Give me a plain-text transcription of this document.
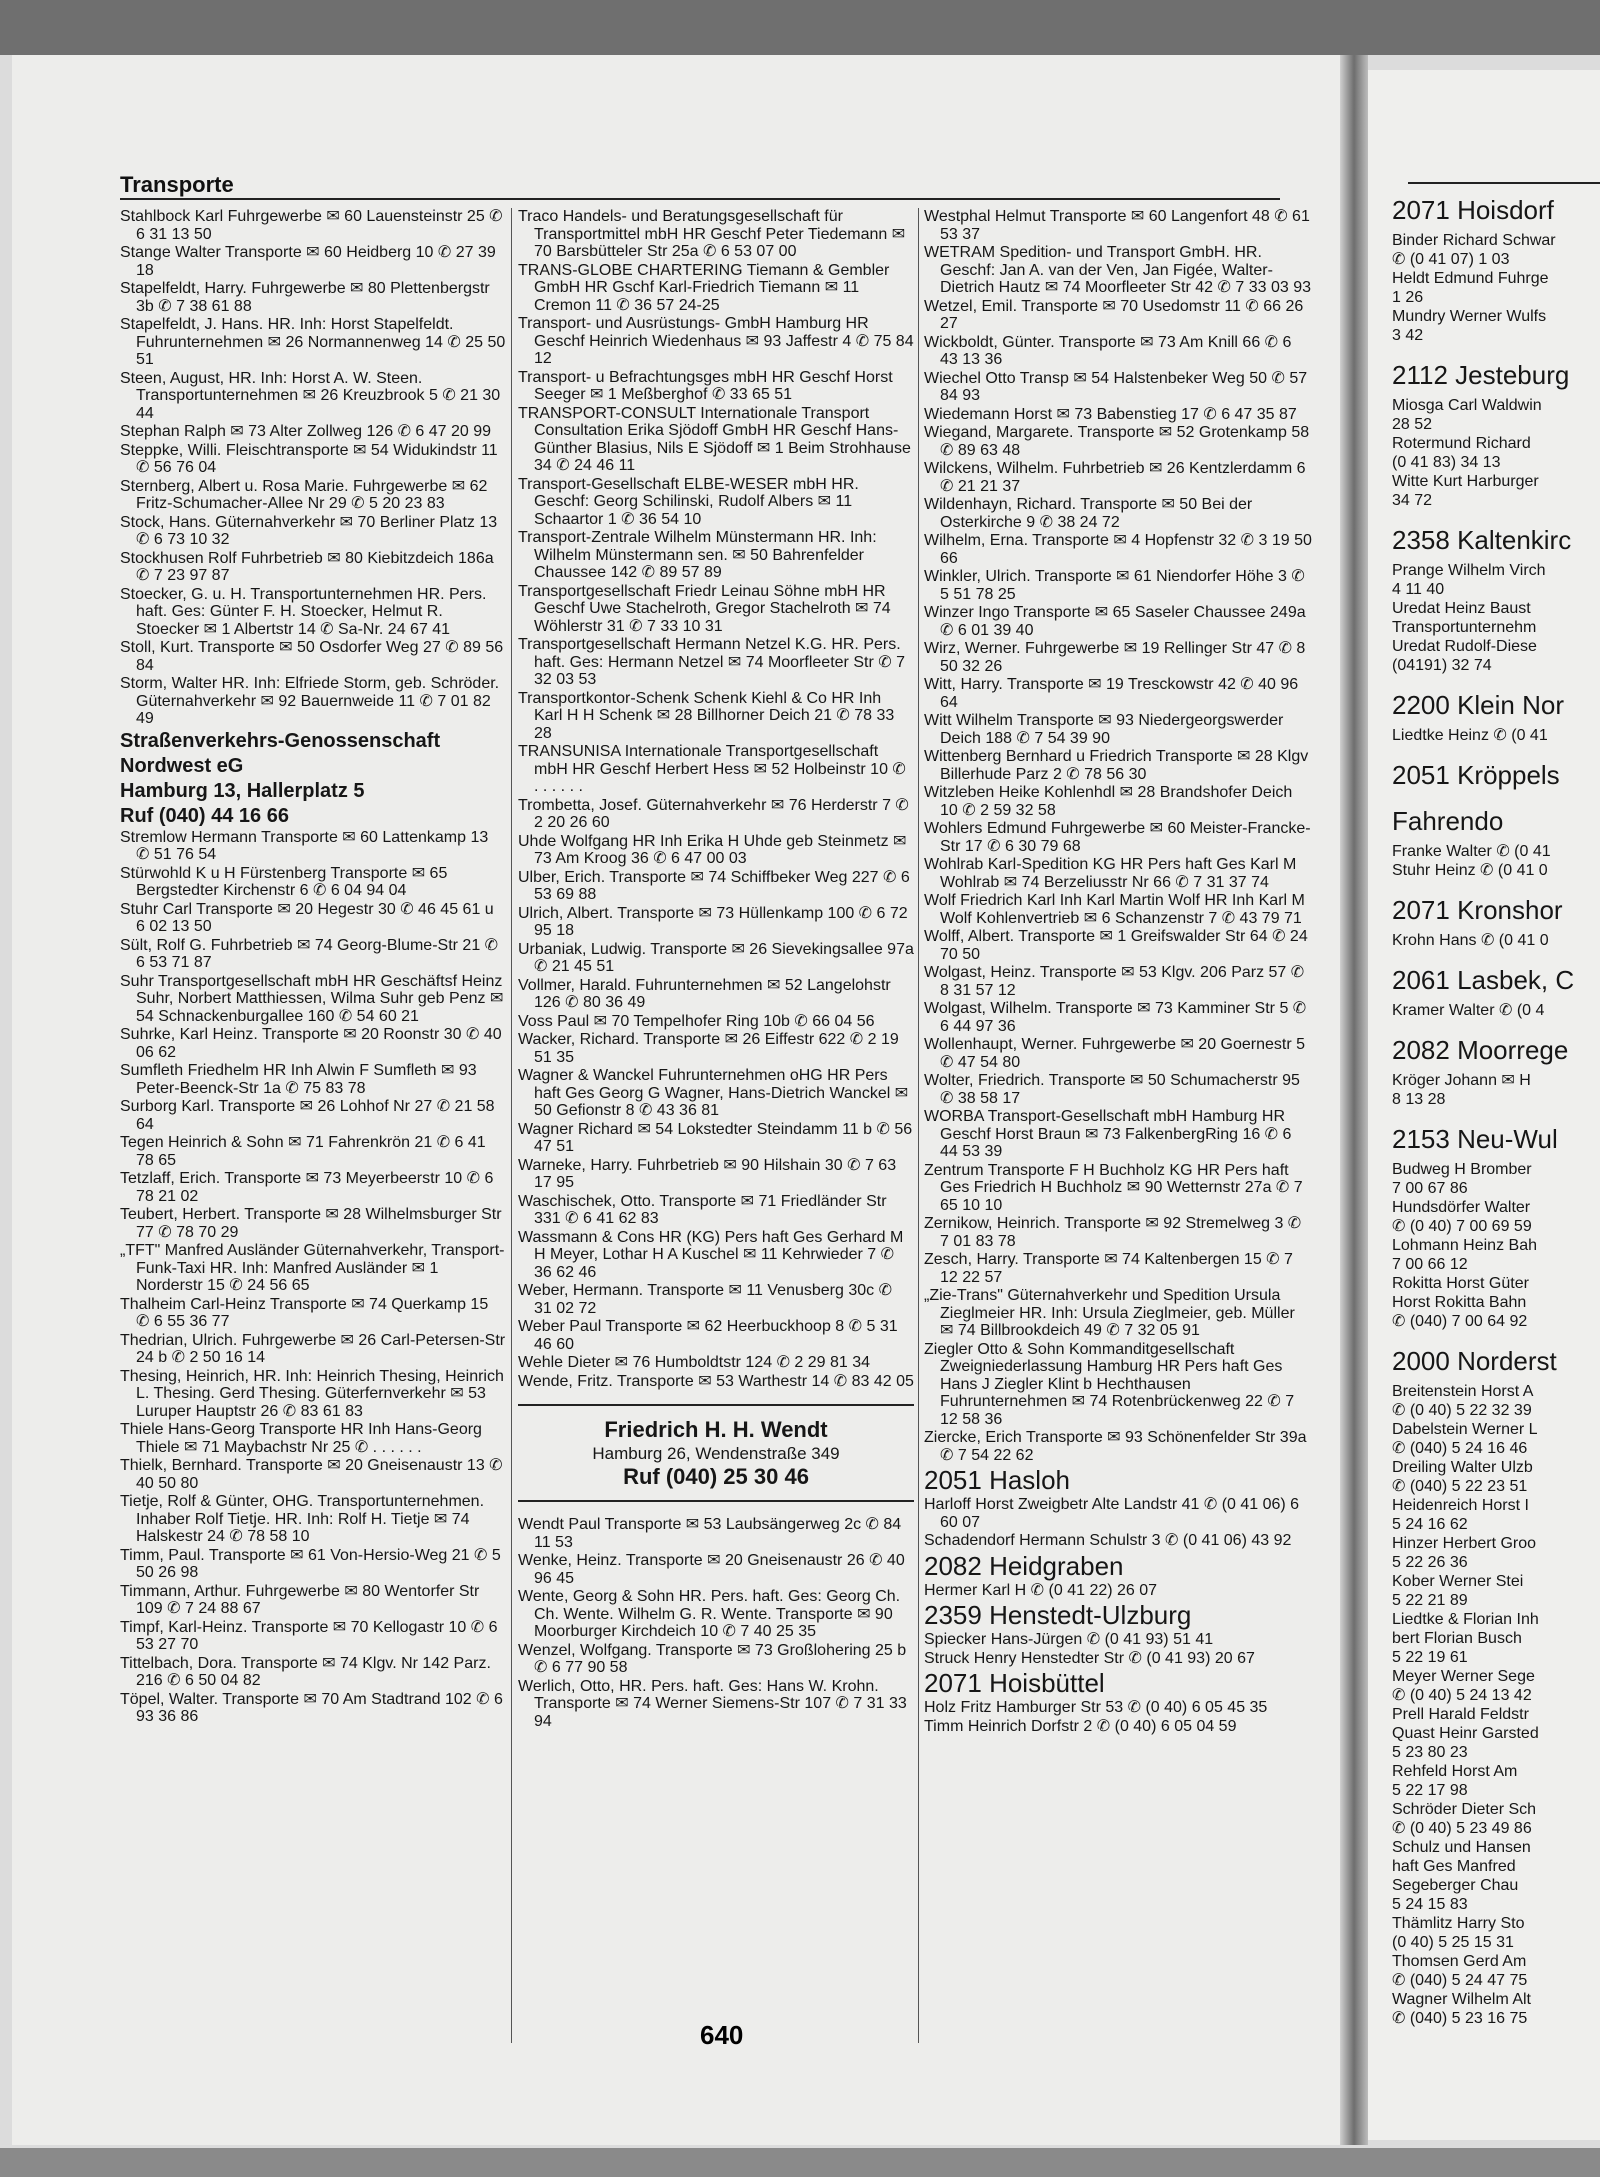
2071 Hoisdorf

Binder Richard Schwar

✆ (0 41 07) 1 03

Heldt Edmund Fuhrge

1 26

Mundry Werner Wulfs

3 42

2112 Jesteburg

Miosga Carl Waldwin

28 52

Rotermund Richard

(0 41 83) 34 13

Witte Kurt Harburger

34 72

2358 Kaltenkirc

Prange Wilhelm Virch

4 11 40

Uredat Heinz Baust

Transportunternehm

Uredat Rudolf-Diese

(04191) 32 74

2200 Klein Nor

Liedtke Heinz ✆ (0 41

2051 Kröppels

Fahrendo

Franke Walter ✆ (0 41

Stuhr Heinz ✆ (0 41 0

2071 Kronshor

Krohn Hans ✆ (0 41 0

2061 Lasbek, C

Kramer Walter ✆ (0 4

2082 Moorrege

Kröger Johann ✉ H

8 13 28

2153 Neu-Wul

Budweg H Bromber

7 00 67 86

Hundsdörfer Walter

✆ (0 40) 7 00 69 59

Lohmann Heinz Bah

7 00 66 12

Rokitta Horst Güter

Horst Rokitta Bahn

✆ (040) 7 00 64 92

2000 Norderst

Breitenstein Horst A

✆ (0 40) 5 22 32 39

Dabelstein Werner L

✆ (040) 5 24 16 46

Dreiling Walter Ulzb

✆ (040) 5 22 23 51

Heidenreich Horst I

5 24 16 62

Hinzer Herbert Groo

5 22 26 36

Kober Werner Stei

5 22 21 89

Liedtke & Florian Inh

bert Florian Busch

5 22 19 61

Meyer Werner Sege

✆ (0 40) 5 24 13 42

Prell Harald Feldstr

Quast Heinr Garsted

5 23 80 23

Rehfeld Horst Am

5 22 17 98

Schröder Dieter Sch

✆ (0 40) 5 23 49 86

Schulz und Hansen

haft Ges Manfred

Segeberger Chau

5 24 15 83

Thämlitz Harry Sto

(0 40) 5 25 15 31

Thomsen Gerd Am

✆ (040) 5 24 47 75

Wagner Wilhelm Alt

✆ (040) 5 23 16 75

Transporte

Stahlbock Karl Fuhrgewerbe ✉ 60 Lauensteinstr 25 ✆ 6 31 13 50

Stange Walter Transporte ✉ 60 Heidberg 10 ✆ 27 39 18

Stapelfeldt, Harry. Fuhrgewerbe ✉ 80 Plettenbergstr 3b ✆ 7 38 61 88

Stapelfeldt, J. Hans. HR. Inh: Horst Stapelfeldt. Fuhrunternehmen ✉ 26 Normannenweg 14 ✆ 25 50 51

Steen, August, HR. Inh: Horst A. W. Steen. Transportunternehmen ✉ 26 Kreuzbrook 5 ✆ 21 30 44

Stephan Ralph ✉ 73 Alter Zollweg 126 ✆ 6 47 20 99

Steppke, Willi. Fleischtransporte ✉ 54 Widukindstr 11 ✆ 56 76 04

Sternberg, Albert u. Rosa Marie. Fuhrgewerbe ✉ 62 Fritz-Schumacher-Allee Nr 29 ✆ 5 20 23 83

Stock, Hans. Güternahverkehr ✉ 70 Berliner Platz 13 ✆ 6 73 10 32

Stockhusen Rolf Fuhrbetrieb ✉ 80 Kiebitzdeich 186a ✆ 7 23 97 87

Stoecker, G. u. H. Transportunternehmen HR. Pers. haft. Ges: Günter F. H. Stoecker, Helmut R. Stoecker ✉ 1 Albertstr 14 ✆ Sa-Nr. 24 67 41

Stoll, Kurt. Transporte ✉ 50 Osdorfer Weg 27 ✆ 89 56 84

Storm, Walter HR. Inh: Elfriede Storm, geb. Schröder. Güternahverkehr ✉ 92 Bauernweide 11 ✆ 7 01 82 49

Straßenverkehrs-Genossenschaft

Nordwest eG

Hamburg 13, Hallerplatz 5

Ruf (040) 44 16 66

Stremlow Hermann Transporte ✉ 60 Lattenkamp 13 ✆ 51 76 54

Stürwohld K u H Fürstenberg Transporte ✉ 65 Bergstedter Kirchenstr 6 ✆ 6 04 94 04

Stuhr Carl Transporte ✉ 20 Hegestr 30 ✆ 46 45 61 u 6 02 13 50

Sült, Rolf G. Fuhrbetrieb ✉ 74 Georg-Blume-Str 21 ✆ 6 53 71 87

Suhr Transportgesellschaft mbH HR Geschäftsf Heinz Suhr, Norbert Matthiessen, Wilma Suhr geb Penz ✉ 54 Schnackenburgallee 160 ✆ 54 60 21

Suhrke, Karl Heinz. Transporte ✉ 20 Roonstr 30 ✆ 40 06 62

Sumfleth Friedhelm HR Inh Alwin F Sumfleth ✉ 93 Peter-Beenck-Str 1a ✆ 75 83 78

Surborg Karl. Transporte ✉ 26 Lohhof Nr 27 ✆ 21 58 64

Tegen Heinrich & Sohn ✉ 71 Fahrenkrön 21 ✆ 6 41 78 65

Tetzlaff, Erich. Transporte ✉ 73 Meyerbeerstr 10 ✆ 6 78 21 02

Teubert, Herbert. Transporte ✉ 28 Wilhelmsburger Str 77 ✆ 78 70 29

„TFT" Manfred Ausländer Güternahverkehr, Transport-Funk-Taxi HR. Inh: Manfred Ausländer ✉ 1 Norderstr 15 ✆ 24 56 65

Thalheim Carl-Heinz Transporte ✉ 74 Querkamp 15 ✆ 6 55 36 77

Thedrian, Ulrich. Fuhrgewerbe ✉ 26 Carl-Petersen-Str 24 b ✆ 2 50 16 14

Thesing, Heinrich, HR. Inh: Heinrich Thesing, Heinrich L. Thesing. Gerd Thesing. Güterfernverkehr ✉ 53 Luruper Hauptstr 26 ✆ 83 61 83

Thiele Hans-Georg Transporte HR Inh Hans-Georg Thiele ✉ 71 Maybachstr Nr 25 ✆ . . . . . .

Thielk, Bernhard. Transporte ✉ 20 Gneisenaustr 13 ✆ 40 50 80

Tietje, Rolf & Günter, OHG. Transportunternehmen. Inhaber Rolf Tietje. HR. Inh: Rolf H. Tietje ✉ 74 Halskestr 24 ✆ 78 58 10

Timm, Paul. Transporte ✉ 61 Von-Hersio-Weg 21 ✆ 5 50 26 98

Timmann, Arthur. Fuhrgewerbe ✉ 80 Wentorfer Str 109 ✆ 7 24 88 67

Timpf, Karl-Heinz. Transporte ✉ 70 Kellogastr 10 ✆ 6 53 27 70

Tittelbach, Dora. Transporte ✉ 74 Klgv. Nr 142 Parz. 216 ✆ 6 50 04 82

Töpel, Walter. Transporte ✉ 70 Am Stadtrand 102 ✆ 6 93 36 86

Traco Handels- und Beratungsgesellschaft für Transportmittel mbH HR Geschf Peter Tiedemann ✉ 70 Barsbütteler Str 25a ✆ 6 53 07 00

TRANS-GLOBE CHARTERING Tiemann & Gembler GmbH HR Gschf Karl-Friedrich Tiemann ✉ 11 Cremon 11 ✆ 36 57 24-25

Transport- und Ausrüstungs- GmbH Hamburg HR Geschf Heinrich Wiedenhaus ✉ 93 Jaffestr 4 ✆ 75 84 12

Transport- u Befrachtungsges mbH HR Geschf Horst Seeger ✉ 1 Meßberghof ✆ 33 65 51

TRANSPORT-CONSULT Internationale Transport Consultation Erika Sjödoff GmbH HR Geschf Hans-Günther Blasius, Nils E Sjödoff ✉ 1 Beim Strohhause 34 ✆ 24 46 11

Transport-Gesellschaft ELBE-WESER mbH HR. Geschf: Georg Schilinski, Rudolf Albers ✉ 11 Schaartor 1 ✆ 36 54 10

Transport-Zentrale Wilhelm Münstermann HR. Inh: Wilhelm Münstermann sen. ✉ 50 Bahrenfelder Chaussee 142 ✆ 89 57 89

Transportgesellschaft Friedr Leinau Söhne mbH HR Geschf Uwe Stachelroth, Gregor Stachelroth ✉ 74 Wöhlerstr 31 ✆ 7 33 10 31

Transportgesellschaft Hermann Netzel K.G. HR. Pers. haft. Ges: Hermann Netzel ✉ 74 Moorfleeter Str ✆ 7 32 03 53

Transportkontor-Schenk Schenk Kiehl & Co HR Inh Karl H H Schenk ✉ 28 Billhorner Deich 21 ✆ 78 33 28

TRANSUNISA Internationale Transportgesellschaft mbH HR Geschf Herbert Hess ✉ 52 Holbeinstr 10 ✆ . . . . . .

Trombetta, Josef. Güternahverkehr ✉ 76 Herderstr 7 ✆ 2 20 26 60

Uhde Wolfgang HR Inh Erika H Uhde geb Steinmetz ✉ 73 Am Kroog 36 ✆ 6 47 00 03

Ulber, Erich. Transporte ✉ 74 Schiffbeker Weg 227 ✆ 6 53 69 88

Ulrich, Albert. Transporte ✉ 73 Hüllenkamp 100 ✆ 6 72 95 18

Urbaniak, Ludwig. Transporte ✉ 26 Sievekingsallee 97a ✆ 21 45 51

Vollmer, Harald. Fuhrunternehmen ✉ 52 Langelohstr 126 ✆ 80 36 49

Voss Paul ✉ 70 Tempelhofer Ring 10b ✆ 66 04 56

Wacker, Richard. Transporte ✉ 26 Eiffestr 622 ✆ 2 19 51 35

Wagner & Wanckel Fuhrunternehmen oHG HR Pers haft Ges Georg G Wagner, Hans-Dietrich Wanckel ✉ 50 Gefionstr 8 ✆ 43 36 81

Wagner Richard ✉ 54 Lokstedter Steindamm 11 b ✆ 56 47 51

Warneke, Harry. Fuhrbetrieb ✉ 90 Hilshain 30 ✆ 7 63 17 95

Waschischek, Otto. Transporte ✉ 71 Friedländer Str 331 ✆ 6 41 62 83

Wassmann & Cons HR (KG) Pers haft Ges Gerhard M H Meyer, Lothar H A Kuschel ✉ 11 Kehrwieder 7 ✆ 36 62 46

Weber, Hermann. Transporte ✉ 11 Venusberg 30c ✆ 31 02 72

Weber Paul Transporte ✉ 62 Heerbuckhoop 8 ✆ 5 31 46 60

Wehle Dieter ✉ 76 Humboldtstr 124 ✆ 2 29 81 34

Wende, Fritz. Transporte ✉ 53 Warthestr 14 ✆ 83 42 05

Friedrich H. H. Wendt
Hamburg 26, Wendenstraße 349
Ruf (040) 25 30 46

Wendt Paul Transporte ✉ 53 Laubsängerweg 2c ✆ 84 11 53

Wenke, Heinz. Transporte ✉ 20 Gneisenaustr 26 ✆ 40 96 45

Wente, Georg & Sohn HR. Pers. haft. Ges: Georg Ch. Ch. Wente. Wilhelm G. R. Wente. Transporte ✉ 90 Moorburger Kirchdeich 10 ✆ 7 40 25 35

Wenzel, Wolfgang. Transporte ✉ 73 Großlohering 25 b ✆ 6 77 90 58

Werlich, Otto, HR. Pers. haft. Ges: Hans W. Krohn. Transporte ✉ 74 Werner Siemens-Str 107 ✆ 7 31 33 94

Westphal Helmut Transporte ✉ 60 Langenfort 48 ✆ 61 53 37

WETRAM Spedition- und Transport GmbH. HR. Geschf: Jan A. van der Ven, Jan Figée, Walter-Dietrich Hautz ✉ 74 Moorfleeter Str 42 ✆ 7 33 03 93

Wetzel, Emil. Transporte ✉ 70 Usedomstr 11 ✆ 66 26 27

Wickboldt, Günter. Transporte ✉ 73 Am Knill 66 ✆ 6 43 13 36

Wiechel Otto Transp ✉ 54 Halstenbeker Weg 50 ✆ 57 84 93

Wiedemann Horst ✉ 73 Babenstieg 17 ✆ 6 47 35 87

Wiegand, Margarete. Transporte ✉ 52 Grotenkamp 58 ✆ 89 63 48

Wilckens, Wilhelm. Fuhrbetrieb ✉ 26 Kentzlerdamm 6 ✆ 21 21 37

Wildenhayn, Richard. Transporte ✉ 50 Bei der Osterkirche 9 ✆ 38 24 72

Wilhelm, Erna. Transporte ✉ 4 Hopfenstr 32 ✆ 3 19 50 66

Winkler, Ulrich. Transporte ✉ 61 Niendorfer Höhe 3 ✆ 5 51 78 25

Winzer Ingo Transporte ✉ 65 Saseler Chaussee 249a ✆ 6 01 39 40

Wirz, Werner. Fuhrgewerbe ✉ 19 Rellinger Str 47 ✆ 8 50 32 26

Witt, Harry. Transporte ✉ 19 Tresckowstr 42 ✆ 40 96 64

Witt Wilhelm Transporte ✉ 93 Niedergeorgswerder Deich 188 ✆ 7 54 39 90

Wittenberg Bernhard u Friedrich Transporte ✉ 28 Klgv Billerhude Parz 2 ✆ 78 56 30

Witzleben Heike Kohlenhdl ✉ 28 Brandshofer Deich 10 ✆ 2 59 32 58

Wohlers Edmund Fuhrgewerbe ✉ 60 Meister-Francke-Str 17 ✆ 6 30 79 68

Wohlrab Karl-Spedition KG HR Pers haft Ges Karl M Wohlrab ✉ 74 Berzeliusstr Nr 66 ✆ 7 31 37 74

Wolf Friedrich Karl Inh Karl Martin Wolf HR Inh Karl M Wolf Kohlenvertrieb ✉ 6 Schanzenstr 7 ✆ 43 79 71

Wolff, Albert. Transporte ✉ 1 Greifswalder Str 64 ✆ 24 70 50

Wolgast, Heinz. Transporte ✉ 53 Klgv. 206 Parz 57 ✆ 8 31 57 12

Wolgast, Wilhelm. Transporte ✉ 73 Kamminer Str 5 ✆ 6 44 97 36

Wollenhaupt, Werner. Fuhrgewerbe ✉ 20 Goernestr 5 ✆ 47 54 80

Wolter, Friedrich. Transporte ✉ 50 Schumacherstr 95 ✆ 38 58 17

WORBA Transport-Gesellschaft mbH Hamburg HR Geschf Horst Braun ✉ 73 FalkenbergRing 16 ✆ 6 44 53 39

Zentrum Transporte F H Buchholz KG HR Pers haft Ges Friedrich H Buchholz ✉ 90 Wetternstr 27a ✆ 7 65 10 10

Zernikow, Heinrich. Transporte ✉ 92 Stremelweg 3 ✆ 7 01 83 78

Zesch, Harry. Transporte ✉ 74 Kaltenbergen 15 ✆ 7 12 22 57

„Zie-Trans" Güternahverkehr und Spedition Ursula Zieglmeier HR. Inh: Ursula Zieglmeier, geb. Müller ✉ 74 Billbrookdeich 49 ✆ 7 32 05 91

Ziegler Otto & Sohn Kommanditgesellschaft Zweigniederlassung Hamburg HR Pers haft Ges Hans J Ziegler Klint b Hechthausen Fuhrunternehmen ✉ 74 Rotenbrückenweg 22 ✆ 7 12 58 36

Ziercke, Erich Transporte ✉ 93 Schönenfelder Str 39a ✆ 7 54 22 62

2051 Hasloh

Harloff Horst Zweigbetr Alte Landstr 41 ✆ (0 41 06) 6 60 07

Schadendorf Hermann Schulstr 3 ✆ (0 41 06) 43 92

2082 Heidgraben

Hermer Karl H ✆ (0 41 22) 26 07

2359 Henstedt-Ulzburg

Spiecker Hans-Jürgen ✆ (0 41 93) 51 41

Struck Henry Henstedter Str ✆ (0 41 93) 20 67

2071 Hoisbüttel

Holz Fritz Hamburger Str 53 ✆ (0 40) 6 05 45 35

Timm Heinrich Dorfstr 2 ✆ (0 40) 6 05 04 59

640
